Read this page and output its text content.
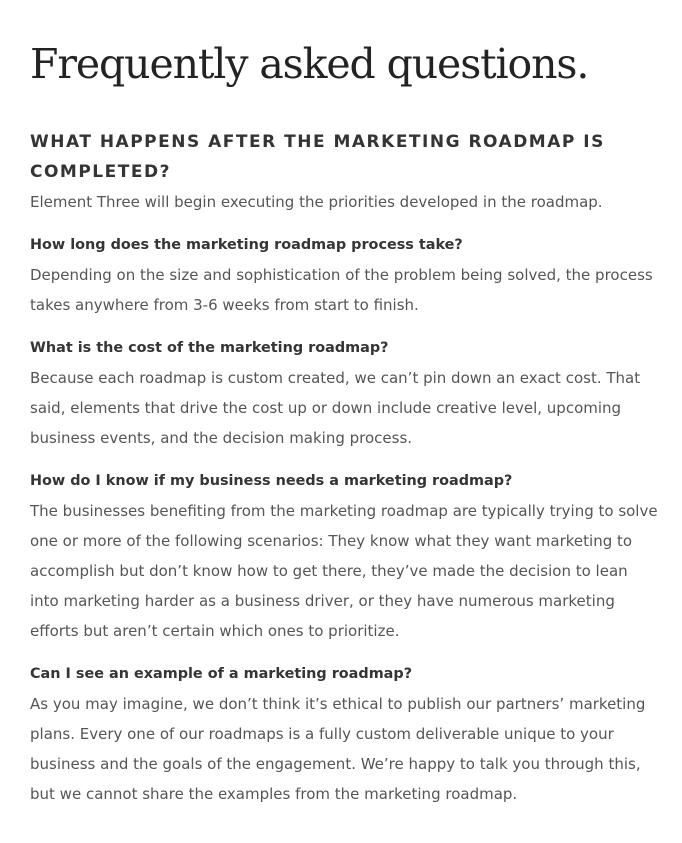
Frequently asked questions.
WHAT HAPPENS AFTER THE MARKETING ROADMAP IS COMPLETED?

Element Three will begin executing the priorities developed in the roadmap.

How long does the marketing roadmap process take?

Depending on the size and sophistication of the problem being solved, the process takes anywhere from 3-6 weeks from start to finish.

What is the cost of the marketing roadmap?

Because each roadmap is custom created, we can’t pin down an exact cost. That said, elements that drive the cost up or down include creative level, upcoming business events, and the decision making process.

How do I know if my business needs a marketing roadmap?

The businesses benefiting from the marketing roadmap are typically trying to solve one or more of the following scenarios: They know what they want marketing to accomplish but don’t know how to get there, they’ve made the decision to lean into marketing harder as a business driver, or they have numerous marketing efforts but aren’t certain which ones to prioritize.

Can I see an example of a marketing roadmap?

As you may imagine, we don’t think it’s ethical to publish our partners’ marketing plans. Every one of our roadmaps is a fully custom deliverable unique to your business and the goals of the engagement. We’re happy to talk you through this, but we cannot share the examples from the marketing roadmap.
